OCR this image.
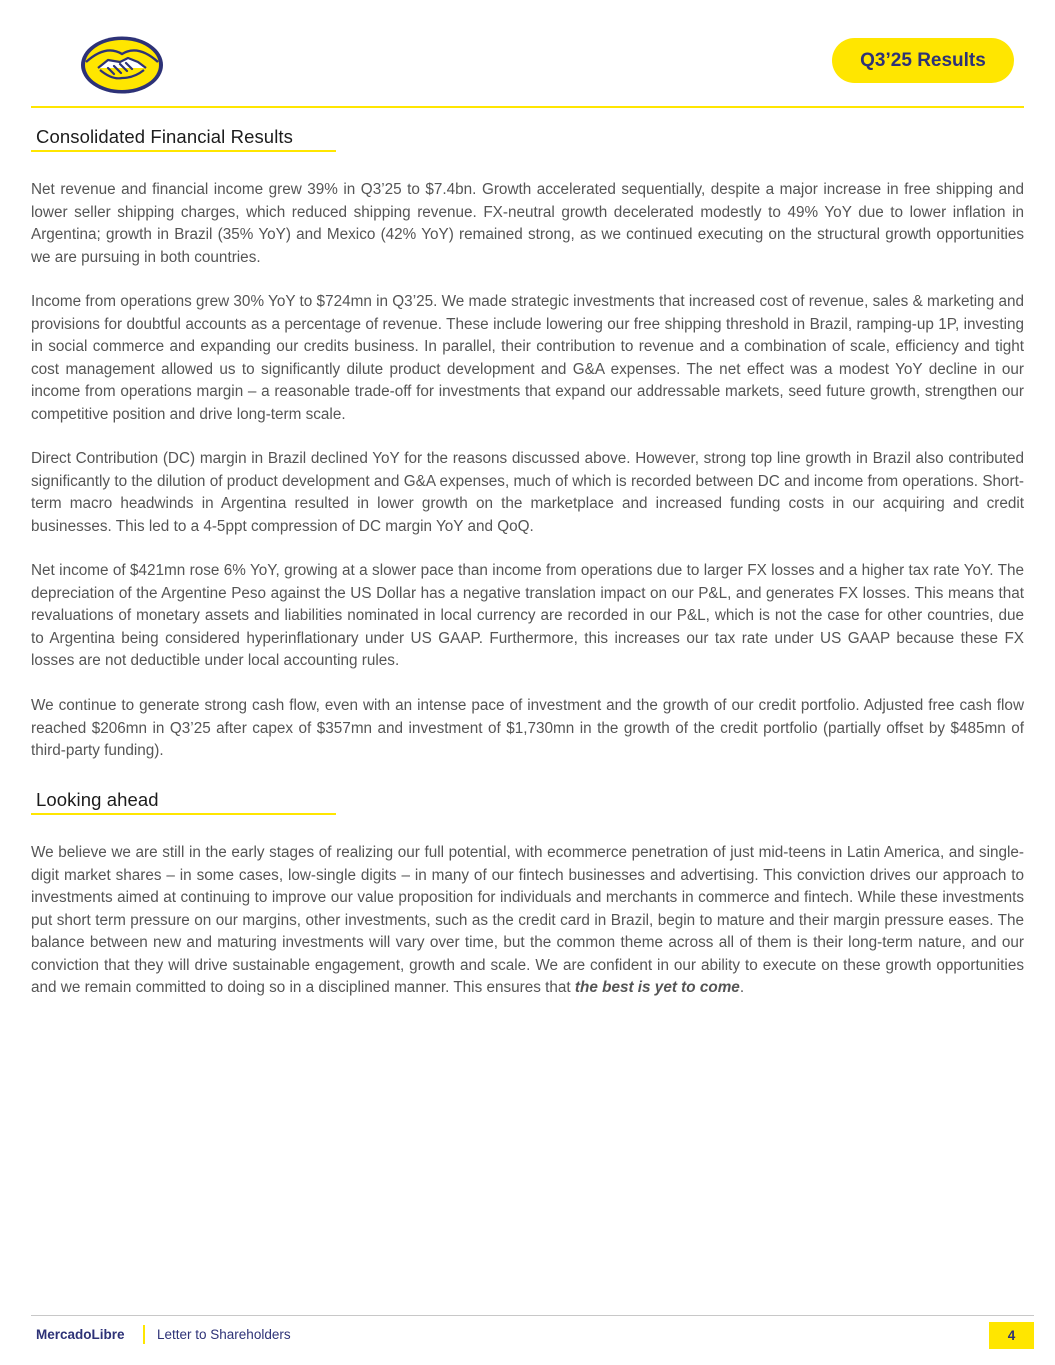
Q3’25 Results
Consolidated Financial Results

Net revenue and financial income grew 39% in Q3’25 to $7.4bn. Growth accelerated sequentially, despite a major increase in free shipping and lower seller shipping charges, which reduced shipping revenue. FX-neutral growth decelerated modestly to 49% YoY due to lower inflation in Argentina; growth in Brazil (35% YoY) and Mexico (42% YoY) remained strong, as we continued executing on the structural growth opportunities we are pursuing in both countries.

Income from operations grew 30% YoY to $724mn in Q3’25. We made strategic investments that increased cost of revenue, sales & marketing and provisions for doubtful accounts as a percentage of revenue. These include lowering our free shipping threshold in Brazil, ramping-up 1P, investing in social commerce and expanding our credits business. In parallel, their contribution to revenue and a combination of scale, efficiency and tight cost management allowed us to significantly dilute product development and G&A expenses. The net effect was a modest YoY decline in our income from operations margin – a reasonable trade-off for investments that expand our addressable markets, seed future growth, strengthen our competitive position and drive long-term scale.

Direct Contribution (DC) margin in Brazil declined YoY for the reasons discussed above. However, strong top line growth in Brazil also contributed significantly to the dilution of product development and G&A expenses, much of which is recorded between DC and income from operations. Short-term macro headwinds in Argentina resulted in lower growth on the marketplace and increased funding costs in our acquiring and credit businesses. This led to a 4-5ppt compression of DC margin YoY and QoQ.

Net income of $421mn rose 6% YoY, growing at a slower pace than income from operations due to larger FX losses and a higher tax rate YoY. The depreciation of the Argentine Peso against the US Dollar has a negative translation impact on our P&L, and generates FX losses. This means that revaluations of monetary assets and liabilities nominated in local currency are recorded in our P&L, which is not the case for other countries, due to Argentina being considered hyperinflationary under US GAAP. Furthermore, this increases our tax rate under US GAAP because these FX losses are not deductible under local accounting rules.

We continue to generate strong cash flow, even with an intense pace of investment and the growth of our credit portfolio. Adjusted free cash flow reached $206mn in Q3’25 after capex of $357mn and investment of $1,730mn in the growth of the credit portfolio (partially offset by $485mn of third-party funding).

Looking ahead

We believe we are still in the early stages of realizing our full potential, with ecommerce penetration of just mid-teens in Latin America, and single-digit market shares – in some cases, low-single digits – in many of our fintech businesses and advertising. This conviction drives our approach to investments aimed at continuing to improve our value proposition for individuals and merchants in commerce and fintech. While these investments put short term pressure on our margins, other investments, such as the credit card in Brazil, begin to mature and their margin pressure eases. The balance between new and maturing investments will vary over time, but the common theme across all of them is their long-term nature, and our conviction that they will drive sustainable engagement, growth and scale. We are confident in our ability to execute on these growth opportunities and we remain committed to doing so in a disciplined manner. This ensures that the best is yet to come.

MercadoLibre Letter to Shareholders	4
